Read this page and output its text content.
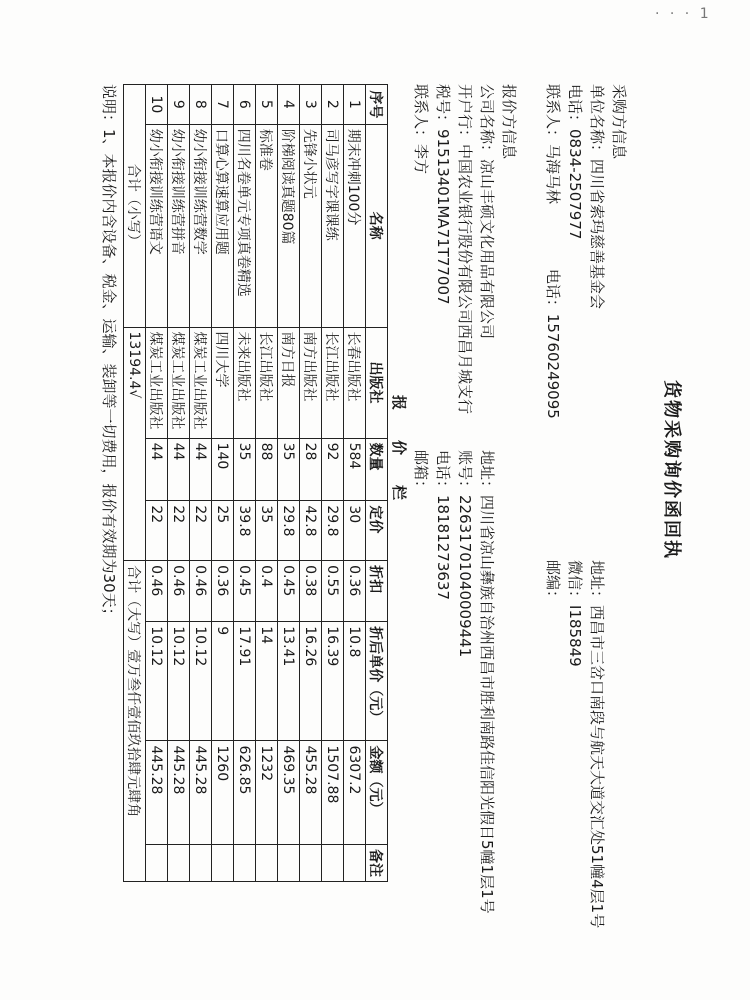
· · · 1
货物采购询价函回执
采购方信息
单位名称：四川省索玛慈善基金会
电话：0834-2507977
联系人：马海马林 电话：15760249095
地址：西昌市三岔口南段与航天大道交汇处51幢4层1号
微信：I185849
邮编：
报价方信息
公司名称：凉山丰硕文化用品有限公司
开户行：中国农业银行股份有限公司西昌月城支行
税号：91513401MA71T77007
联系人：李方
地址：四川省凉山彝族自治州西昌市胜利南路佳信阳光假日5幢1层1号
账号：22631701040009441
电话：18181273637
邮箱：
报　　价　　栏
序号	名称	出版社	数量	定价	折扣	折后单价（元）	金额（元）	备注
1	期末冲刺100分	长春出版社	584	30	0.36	10.8	6307.2	
2	司马彦写字课课练	长江出版社	92	29.8	0.55	16.39	1507.88	
3	先锋小状元	南方出版社	28	42.8	0.38	16.26	455.28	
4	阶梯阅读真题80篇	南方日报	35	29.8	0.45	13.41	469.35	
5	标准卷	长江出版社	88	35	0.4	14	1232	
6	四川名卷单元专项真卷精选	未来出版社	35	39.8	0.45	17.91	626.85	
7	口算心算速算应用题	四川大学	140	25	0.36	9	1260	
8	幼小衔接训练营数学	煤炭工业出版社	44	22	0.46	10.12	445.28	
9	幼小衔接训练营拼音	煤炭工业出版社	44	22	0.46	10.12	445.28	
10	幼小衔接训练营语文	煤炭工业出版社	44	22	0.46	10.12	445.28	
合计（小写）		13194.4√			合计（大写）壹万叁仟壹佰玖拾肆元肆角			
说明：1、本报价内含设备、税金、运输、装卸等一切费用，报价有效期为30天；
